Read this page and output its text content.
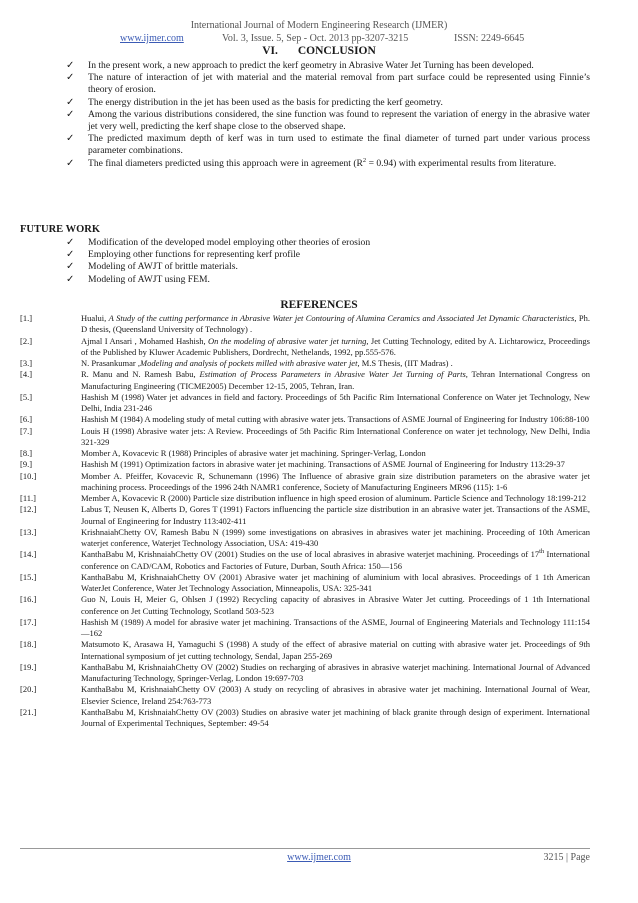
International Journal of Modern Engineering Research (IJMER)
www.ijmer.com	Vol. 3, Issue. 5, Sep - Oct. 2013 pp-3207-3215	ISSN: 2249-6645
VI. CONCLUSION
✓ In the present work, a new approach to predict the kerf geometry in Abrasive Water Jet Turning has been developed.
✓ The nature of interaction of jet with material and the material removal from part surface could be represented using Finnie’s theory of erosion.
✓ The energy distribution in the jet has been used as the basis for predicting the kerf geometry.
✓ Among the various distributions considered, the sine function was found to represent the variation of energy in the abrasive water jet very well, predicting the kerf shape close to the observed shape.
✓ The predicted maximum depth of kerf was in turn used to estimate the final diameter of turned part under various process parameter combinations.
✓ The final diameters predicted using this approach were in agreement $(R^2 = 0.94)$ with experimental results from literature.
FUTURE WORK
✓ Modification of the developed model employing other theories of erosion
✓ Employing other functions for representing kerf profile
✓ Modeling of AWJT of brittle materials.
✓ Modeling of AWJT using FEM.
REFERENCES
[1.]	Hualui, A Study of the cutting performance in Abrasive Water jet Contouring of Alumina Ceramics and Associated Jet Dynamic Characteristics, Ph. D thesis, (Queensland University of Technology) .
[2.]	Ajmal I Ansari , Mohamed Hashish, On the modeling of abrasive water jet turning, Jet Cutting Technology, edited by A. Lichtarowicz, Proceedings of the Published by Kluwer Academic Publishers, Dordrecht, Nethelands, 1992, pp.555-576.
[3.]	N. Prasankumar ,Modeling and analysis of pockets milled with abrasive water jet, M.S Thesis, (IIT Madras) .
[4.]	R. Manu and N. Ramesh Babu, Estimation of Process Parameters in Abrasive Water Jet Turning of Parts, Tehran International Congress on Manufacturing Engineering (TICME2005) December 12-15, 2005, Tehran, Iran.
[5.]	Hashish M (1998) Water jet advances in field and factory. Proceedings of 5th Pacific Rim International Conference on Water jet Technology, New Delhi, India 231-246
[6.]	Hashish M (1984) A modeling study of metal cutting with abrasive water jets. Transactions of ASME Journal of Engineering for Industry 106:88-100
[7.]	Louis H (1998) Abrasive water jets: A Review. Proceedings of 5th Pacific Rim International Conference on water jet technology, New Delhi, India 321-329
[8.]	Momber A, Kovacevic R (1988) Principles of abrasive water jet machining. Springer-Verlag, London
[9.]	Hashish M (1991) Optimization factors in abrasive water jet machining. Transactions of ASME Journal of Engineering for Industry 113:29-37
[10.]	Momber A. Pfeiffer, Kovacevic R, Schunemann (1996) The Influence of abrasive grain size distribution parameters on the abrasive water jet machining process. Proceedings of the 1996 24th NAMR1 conference, Society of Manufacturing Engineers MR96 (115): 1-6
[11.]	Member A, Kovacevic R (2000) Particle size distribution influence in high speed erosion of aluminum. Particle Science and Technology 18:199-212
[12.]	Labus T, Neusen K, Alberts D, Gores T (1991) Factors influencing the particle size distribution in an abrasive water jet. Transactions of the ASME, Journal of Engineering for Industry 113:402-411
[13.]	KrishnaiahChetty OV, Ramesh Babu N (1999) some investigations on abrasives in abrasives water jet machining. Proceeding of 10th American waterjet conference, Waterjet Technology Association, USA: 419-430
[14.]	KanthaBabu M, KrishnaiahChetty OV (2001) Studies on the use of local abrasives in abrasive waterjet machining. Proceedings of 17th International conference on CAD/CAM, Robotics and Factories of Future, Durban, South Africa: 150—156
[15.]	KanthaBabu M, KrishnaiahChetty OV (2001) Abrasive water jet machining of aluminium with local abrasives. Proceedings of 1 1th American WaterJet Conference, Water Jet Technology Association, Minneapolis, USA: 325-341
[16.]	Guo N, Louis H, Meier G, Ohlsen J (1992) Recycling capacity of abrasives in Abrasive Water Jet cutting. Proceedings of 1 1th International conference on Jet Cutting Technology, Scotland 503-523
[17.]	Hashish M (1989) A model for abrasive water jet machining. Transactions of the ASME, Journal of Engineering Materials and Technology 111:154—162
[18.]	Matsumoto K, Arasawa H, Yamaguchi S (1998) A study of the effect of abrasive material on cutting with abrasive water jet. Proceedings of 9th International symposium of jet cutting technology, Sendal, Japan 255-269
[19.]	KanthaBabu M, KrishnaiahChetty OV (2002) Studies on recharging of abrasives in abrasive waterjet machining. International Journal of Advanced Manufacturing Technology, Springer-Verlag, London 19:697-703
[20.]	KanthaBabu M, KrishnaiahChetty OV (2003) A study on recycling of abrasives in abrasive water jet machining. International Journal of Wear, Elsevier Science, Ireland 254:763-773
[21.]	KanthaBabu M, KrishnaiahChetty OV (2003) Studies on abrasive water jet machining of black granite through design of experiment. International Journal of Experimental Techniques, September: 49-54
www.ijmer.com	3215 | Page
